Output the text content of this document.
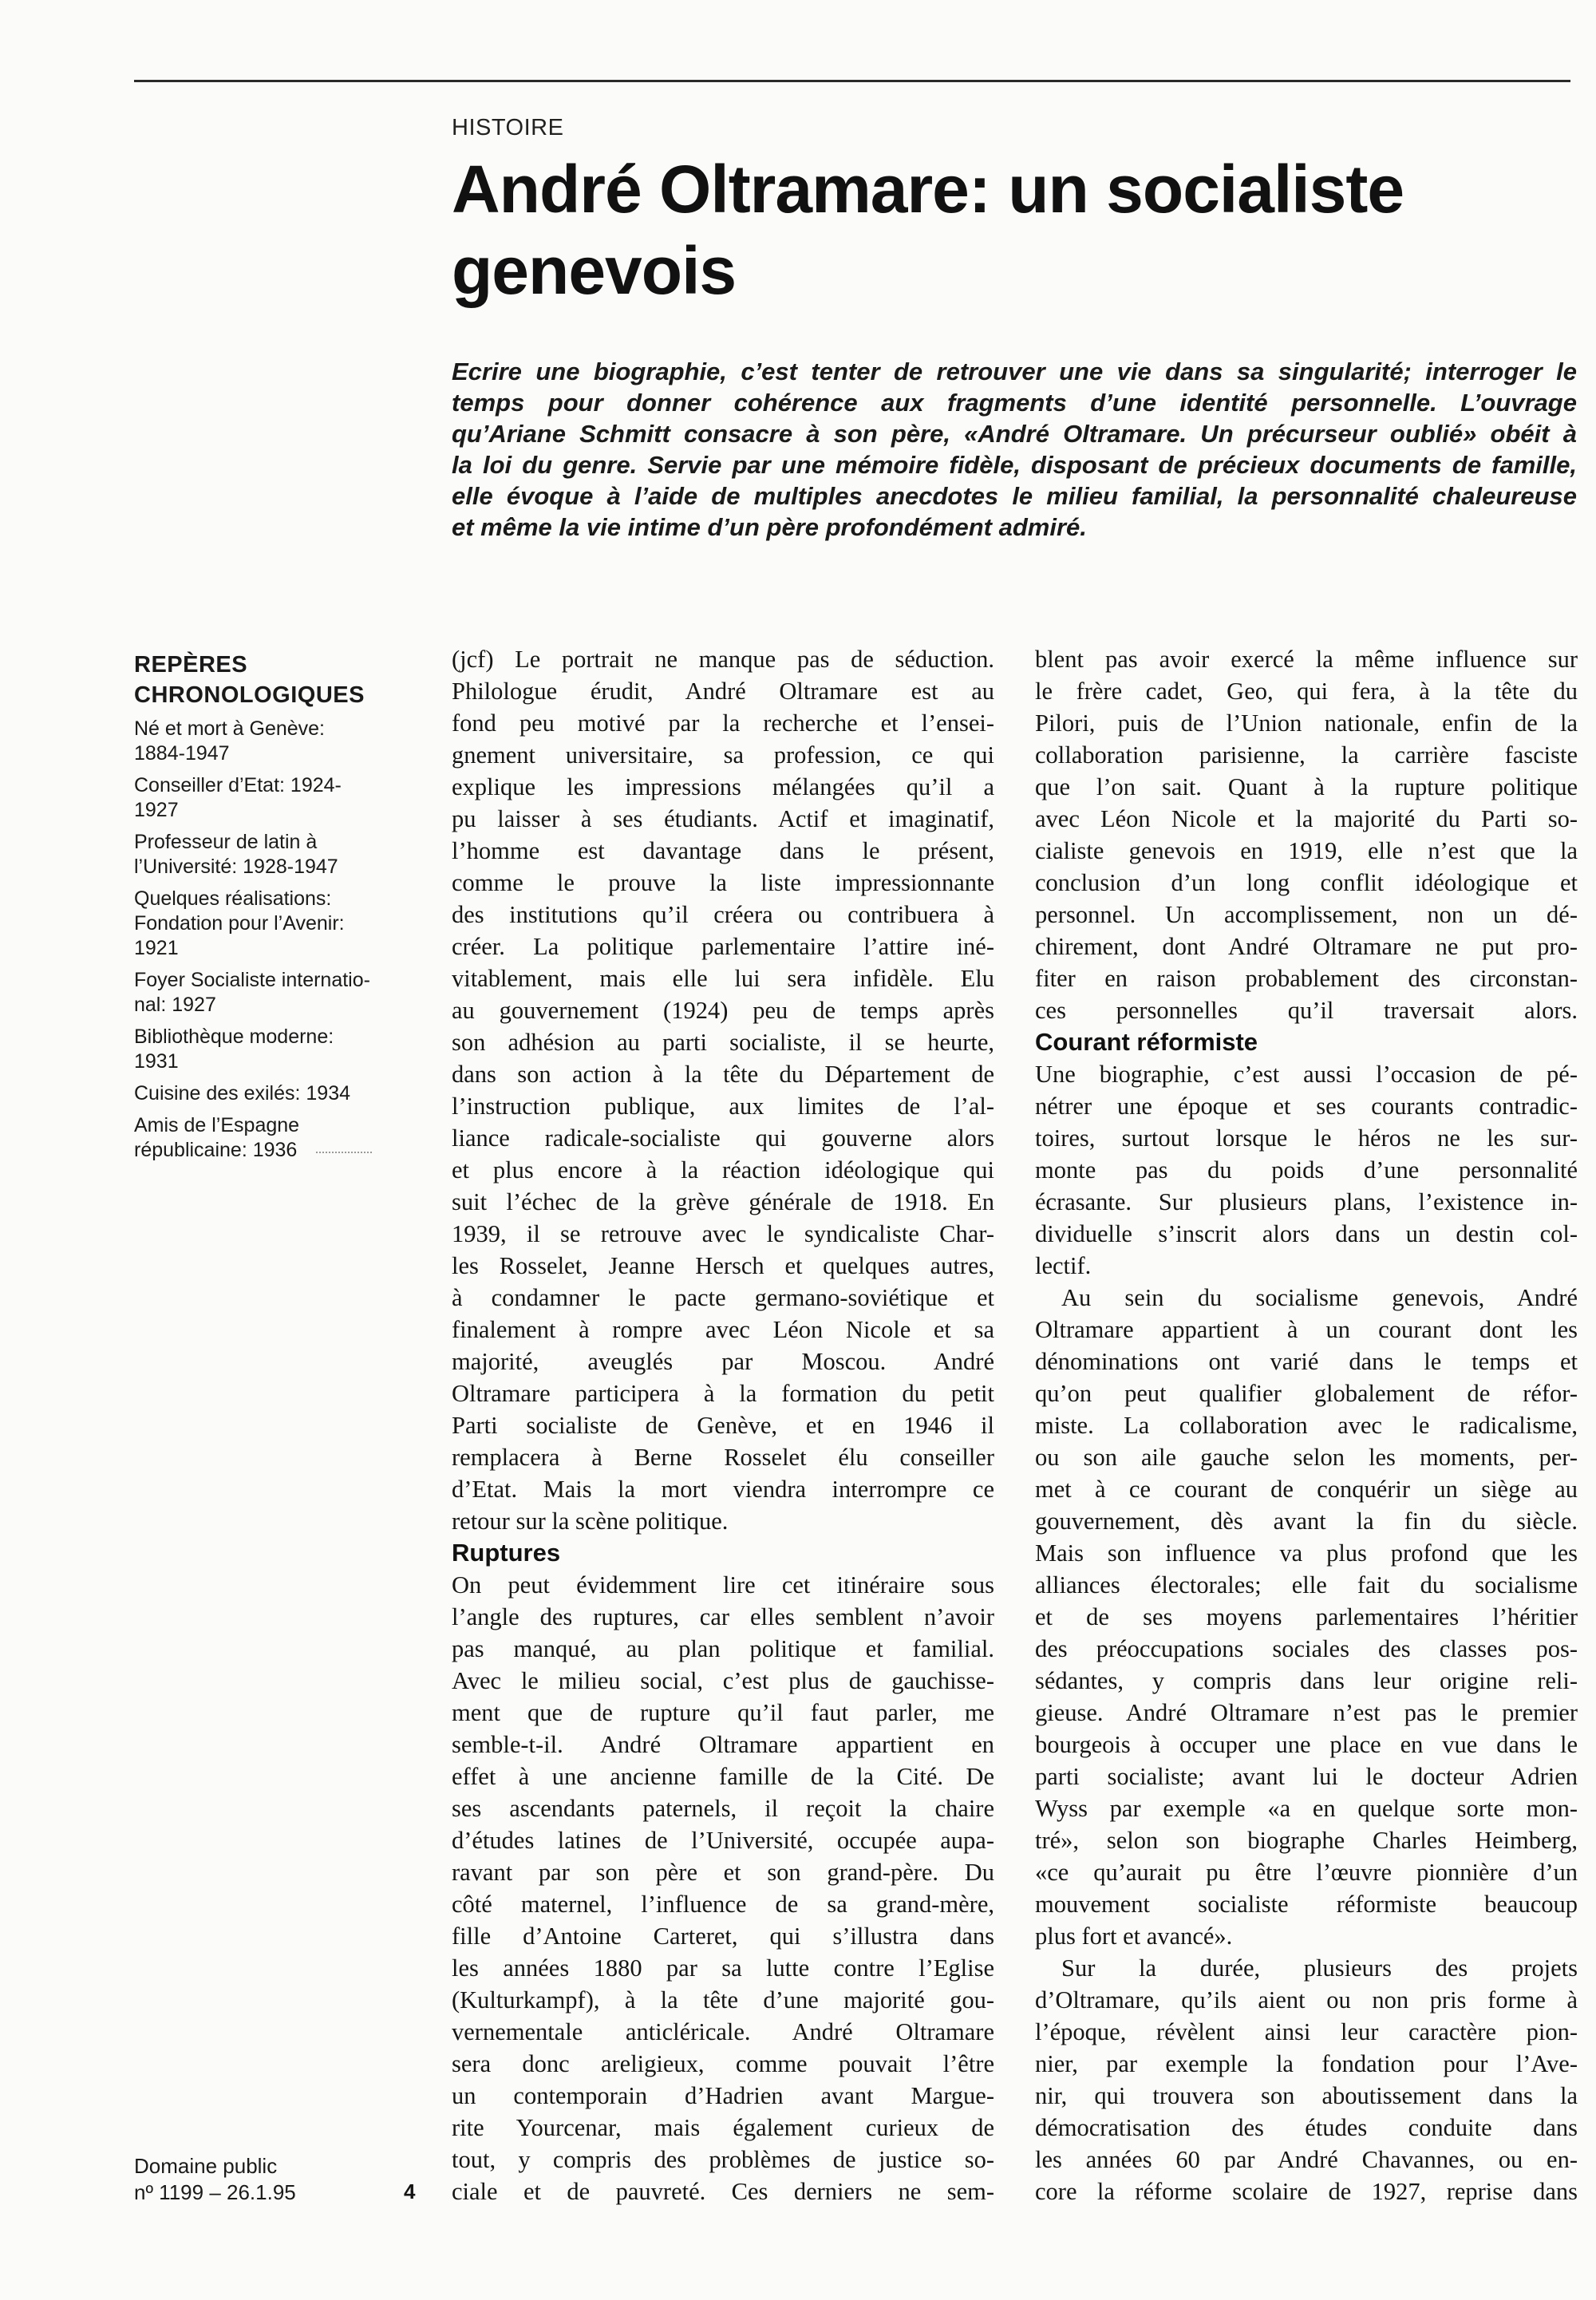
HISTOIRE
André Oltramare: un socialiste
genevois
Ecrire une biographie, c’est tenter de retrouver une vie dans sa singularité; interroger le
temps pour donner cohérence aux fragments d’une identité personnelle. L’ouvrage
qu’Ariane Schmitt consacre à son père, «André Oltramare. Un précurseur oublié» obéit à
la loi du genre. Servie par une mémoire fidèle, disposant de précieux documents de famille,
elle évoque à l’aide de multiples anecdotes le milieu familial, la personnalité chaleureuse
et même la vie intime d’un père profondément admiré.
REPÈRES
CHRONOLOGIQUES
Né et mort à Genève:
1884-1947
Conseiller d’Etat: 1924-
1927
Professeur de latin à
l’Université: 1928-1947
Quelques réalisations:
Fondation pour l’Avenir:
1921
Foyer Socialiste internatio-
nal: 1927
Bibliothèque moderne:
1931
Cuisine des exilés: 1934
Amis de l’Espagne
républicaine: 1936
Domaine public
nº 1199 – 26.1.95	4

(jcf) Le portrait ne manque pas de séduction.
Philologue érudit, André Oltramare est au
fond peu motivé par la recherche et l’ensei-
gnement universitaire, sa profession, ce qui
explique les impressions mélangées qu’il a
pu laisser à ses étudiants. Actif et imaginatif,
l’homme est davantage dans le présent,
comme le prouve la liste impressionnante
des institutions qu’il créera ou contribuera à
créer. La politique parlementaire l’attire iné-
vitablement, mais elle lui sera infidèle. Elu
au gouvernement (1924) peu de temps après
son adhésion au parti socialiste, il se heurte,
dans son action à la tête du Département de
l’instruction publique, aux limites de l’al-
liance radicale-socialiste qui gouverne alors
et plus encore à la réaction idéologique qui
suit l’échec de la grève générale de 1918. En
1939, il se retrouve avec le syndicaliste Char-
les Rosselet, Jeanne Hersch et quelques autres,
à condamner le pacte germano-soviétique et
finalement à rompre avec Léon Nicole et sa
majorité, aveuglés par Moscou. André
Oltramare participera à la formation du petit
Parti socialiste de Genève, et en 1946 il
remplacera à Berne Rosselet élu conseiller
d’Etat. Mais la mort viendra interrompre ce
retour sur la scène politique.

Ruptures

On peut évidemment lire cet itinéraire sous
l’angle des ruptures, car elles semblent n’avoir
pas manqué, au plan politique et familial.
Avec le milieu social, c’est plus de gauchisse-
ment que de rupture qu’il faut parler, me
semble-t-il. André Oltramare appartient en
effet à une ancienne famille de la Cité. De
ses ascendants paternels, il reçoit la chaire
d’études latines de l’Université, occupée aupa-
ravant par son père et son grand-père. Du
côté maternel, l’influence de sa grand-mère,
fille d’Antoine Carteret, qui s’illustra dans
les années 1880 par sa lutte contre l’Eglise
(Kulturkampf), à la tête d’une majorité gou-
vernementale anticléricale. André Oltramare
sera donc areligieux, comme pouvait l’être
un contemporain d’Hadrien avant Margue-
rite Yourcenar, mais également curieux de
tout, y compris des problèmes de justice so-
ciale et de pauvreté. Ces derniers ne sem-

blent pas avoir exercé la même influence sur
le frère cadet, Geo, qui fera, à la tête du
Pilori, puis de l’Union nationale, enfin de la
collaboration parisienne, la carrière fasciste
que l’on sait. Quant à la rupture politique
avec Léon Nicole et la majorité du Parti so-
cialiste genevois en 1919, elle n’est que la
conclusion d’un long conflit idéologique et
personnel. Un accomplissement, non un dé-
chirement, dont André Oltramare ne put pro-
fiter en raison probablement des circonstan-
ces personnelles qu’il traversait alors.

Courant réformiste

Une biographie, c’est aussi l’occasion de pé-
nétrer une époque et ses courants contradic-
toires, surtout lorsque le héros ne les sur-
monte pas du poids d’une personnalité
écrasante. Sur plusieurs plans, l’existence in-
dividuelle s’inscrit alors dans un destin col-
lectif.

Au sein du socialisme genevois, André
Oltramare appartient à un courant dont les
dénominations ont varié dans le temps et
qu’on peut qualifier globalement de réfor-
miste. La collaboration avec le radicalisme,
ou son aile gauche selon les moments, per-
met à ce courant de conquérir un siège au
gouvernement, dès avant la fin du siècle.
Mais son influence va plus profond que les
alliances électorales; elle fait du socialisme
et de ses moyens parlementaires l’héritier
des préoccupations sociales des classes pos-
sédantes, y compris dans leur origine reli-
gieuse. André Oltramare n’est pas le premier
bourgeois à occuper une place en vue dans le
parti socialiste; avant lui le docteur Adrien
Wyss par exemple «a en quelque sorte mon-
tré», selon son biographe Charles Heimberg,
«ce qu’aurait pu être l’œuvre pionnière d’un
mouvement socialiste réformiste beaucoup
plus fort et avancé».

Sur la durée, plusieurs des projets
d’Oltramare, qu’ils aient ou non pris forme à
l’époque, révèlent ainsi leur caractère pion-
nier, par exemple la fondation pour l’Ave-
nir, qui trouvera son aboutissement dans la
démocratisation des études conduite dans
les années 60 par André Chavannes, ou en-
core la réforme scolaire de 1927, reprise dans
